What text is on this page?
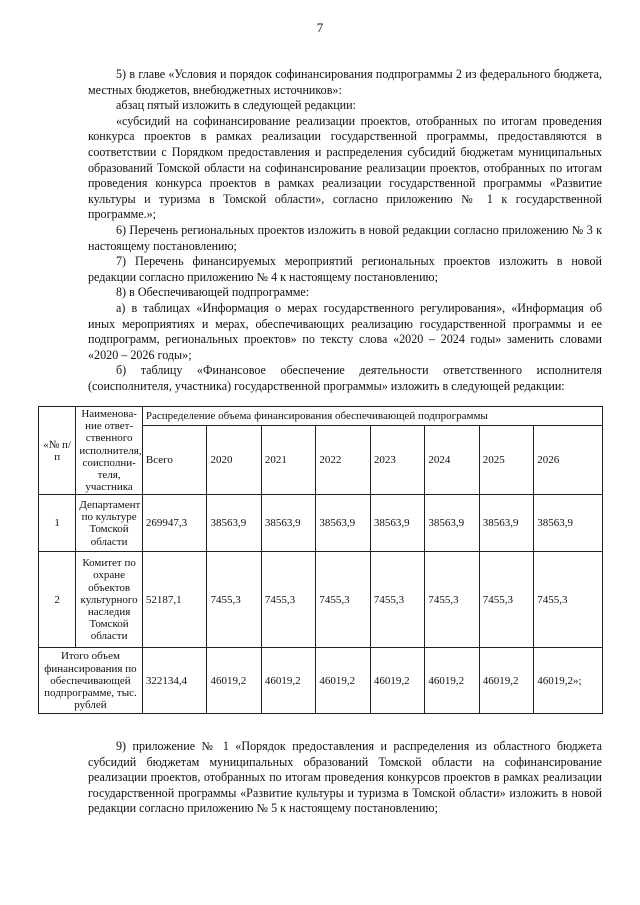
7

5) в главе «Условия и порядок софинансирования подпрограммы 2 из федерального бюджета, местных бюджетов, внебюджетных источников»:

абзац пятый изложить в следующей редакции:

«субсидий на софинансирование реализации проектов, отобранных по итогам проведения конкурса проектов в рамках реализации государственной программы, предоставляются в соответствии с Порядком предоставления и распределения субсидий бюджетам муниципальных образований Томской области на софинансирование реализации проектов, отобранных по итогам проведения конкурса проектов в рамках реализации государственной программы «Развитие культуры и туризма в Томской области», согласно приложению № 1 к государственной программе.»;

6) Перечень региональных проектов изложить в новой редакции согласно приложению № 3 к настоящему постановлению;

7) Перечень финансируемых мероприятий региональных проектов изложить в новой редакции согласно приложению № 4 к настоящему постановлению;

8) в Обеспечивающей подпрограмме:

а) в таблицах «Информация о мерах государственного регулирования», «Информация об иных мероприятиях и мерах, обеспечивающих реализацию государственной программы и ее подпрограмм, региональных проектов» по тексту слова «2020 – 2024 годы» заменить словами «2020 – 2026 годы»;

б) таблицу «Финансовое обеспечение деятельности ответственного исполнителя (соисполнителя, участника) государственной программы» изложить в следующей редакции:

«№ п/п	Наименова-ние ответ-ственного исполнителя, соисполни-теля, участника	Распределение объема финансирования обеспечивающей подпрограммы							
		Всего	2020	2021	2022	2023	2024	2025	2026
1	Департамент по культуре Томской области	269947,3	38563,9	38563,9	38563,9	38563,9	38563,9	38563,9	38563,9
2	Комитет по охране объектов культурного наследия Томской области	52187,1	7455,3	7455,3	7455,3	7455,3	7455,3	7455,3	7455,3
Итого объем финансирования по обеспечивающей подпрограмме, тыс. рублей		322134,4	46019,2	46019,2	46019,2	46019,2	46019,2	46019,2	46019,2»;

9) приложение № 1 «Порядок предоставления и распределения из областного бюджета субсидий бюджетам муниципальных образований Томской области на софинансирование реализации проектов, отобранных по итогам проведения конкурсов проектов в рамках реализации государственной программы «Развитие культуры и туризма в Томской области» изложить в новой редакции согласно приложению № 5 к настоящему постановлению;
